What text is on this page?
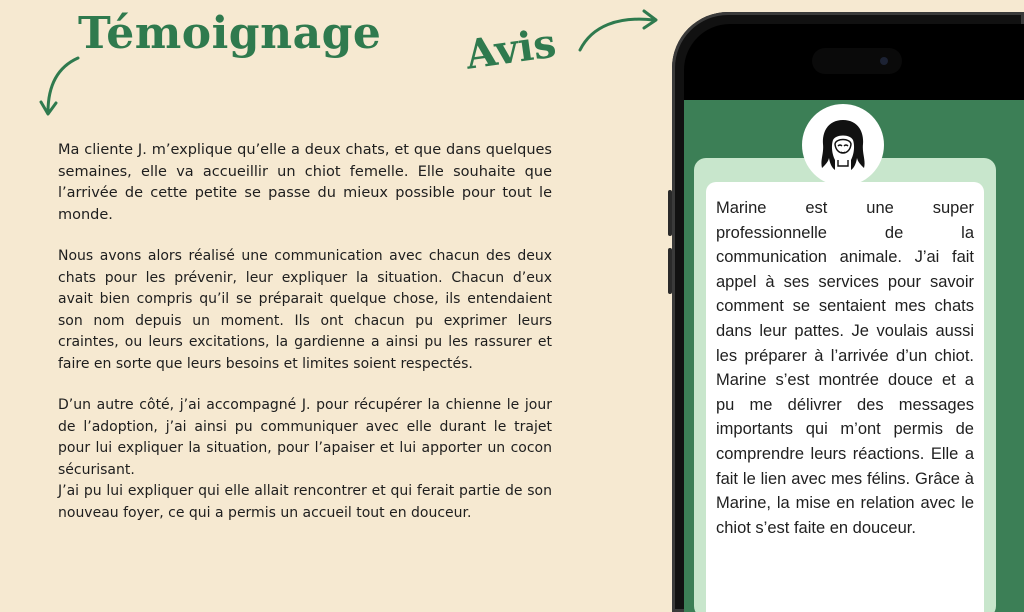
Témoignage Avis

Ma cliente J. m’explique qu’elle a deux chats, et que dans quelques semaines, elle va accueillir un chiot femelle. Elle souhaite que l’arrivée de cette petite se passe du mieux possible pour tout le monde.

Nous avons alors réalisé une communication avec chacun des deux chats pour les prévenir, leur expliquer la situation. Chacun d’eux avait bien compris qu’il se préparait quelque chose, ils entendaient son nom depuis un moment. Ils ont chacun pu exprimer leurs craintes, ou leurs excitations, la gardienne a ainsi pu les rassurer et faire en sorte que leurs besoins et limites soient respectés.

D’un autre côté, j’ai accompagné J. pour récupérer la chienne le jour de l’adoption, j’ai ainsi pu communiquer avec elle durant le trajet pour lui expliquer la situation, pour l’apaiser et lui apporter un cocon sécurisant.

J’ai pu lui expliquer qui elle allait rencontrer et qui ferait partie de son nouveau foyer, ce qui a permis un accueil tout en douceur.

Marine est une super professionnelle de la communication animale. J’ai fait appel à ses services pour savoir comment se sentaient mes chats dans leur pattes. Je voulais aussi les préparer à l’arrivée d’un chiot. Marine s’est montrée douce et a pu me délivrer des messages importants qui m’ont permis de comprendre leurs réactions. Elle a fait le lien avec mes félins. Grâce à Marine, la mise en relation avec le chiot s’est faite en douceur.
